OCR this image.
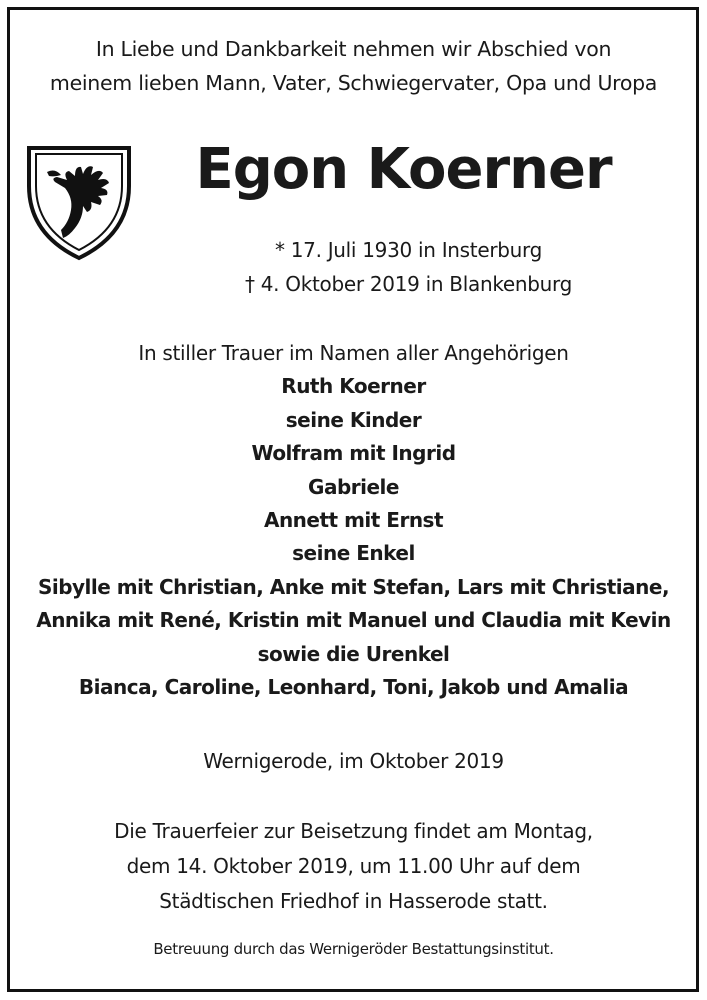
In Liebe und Dankbarkeit nehmen wir Abschied von
meinem lieben Mann, Vater, Schwiegervater, Opa und Uropa
Egon Koerner
* 17. Juli 1930 in Insterburg
† 4. Oktober 2019 in Blankenburg
In stiller Trauer im Namen aller Angehörigen
Ruth Koerner
seine Kinder
Wolfram mit Ingrid
Gabriele
Annett mit Ernst
seine Enkel
Sibylle mit Christian, Anke mit Stefan, Lars mit Christiane,
Annika mit René, Kristin mit Manuel und Claudia mit Kevin
sowie die Urenkel
Bianca, Caroline, Leonhard, Toni, Jakob und Amalia
Wernigerode, im Oktober 2019
Die Trauerfeier zur Beisetzung findet am Montag,
dem 14. Oktober 2019, um 11.00 Uhr auf dem
Städtischen Friedhof in Hasserode statt.
Betreuung durch das Wernigeröder Bestattungsinstitut.
